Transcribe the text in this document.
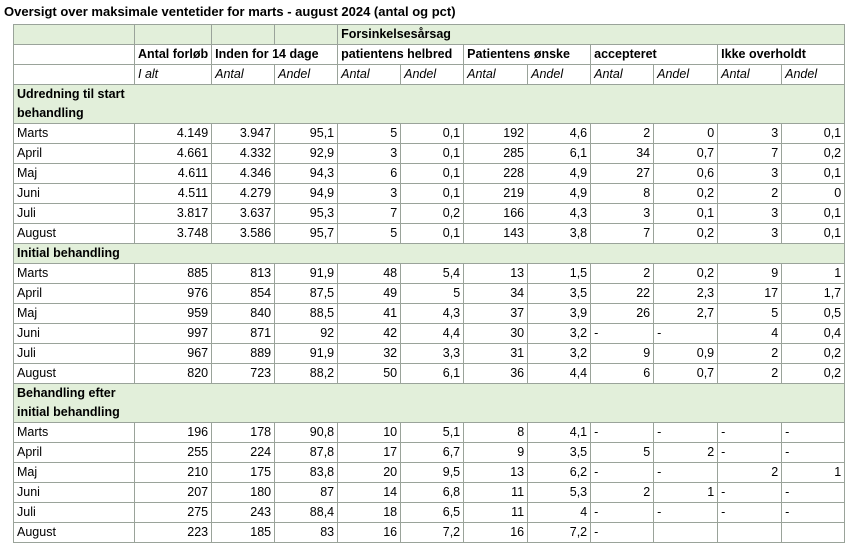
Oversigt over maksimale ventetider for marts - august 2024 (antal og pct)
				Forsinkelsesårsag							
	Antal forløb	Inden for 14 dage		patientens helbred		Patientens ønske		accepteret		Ikke overholdt	
	I alt	Antal	Andel	Antal	Andel	Antal	Andel	Antal	Andel	Antal	Andel
Udredning til start											
behandling											
Marts	4.149	3.947	95,1	5	0,1	192	4,6	2	0	3	0,1
April	4.661	4.332	92,9	3	0,1	285	6,1	34	0,7	7	0,2
Maj	4.611	4.346	94,3	6	0,1	228	4,9	27	0,6	3	0,1
Juni	4.511	4.279	94,9	3	0,1	219	4,9	8	0,2	2	0
Juli	3.817	3.637	95,3	7	0,2	166	4,3	3	0,1	3	0,1
August	3.748	3.586	95,7	5	0,1	143	3,8	7	0,2	3	0,1
Initial behandling											
Marts	885	813	91,9	48	5,4	13	1,5	2	0,2	9	1
April	976	854	87,5	49	5	34	3,5	22	2,3	17	1,7
Maj	959	840	88,5	41	4,3	37	3,9	26	2,7	5	0,5
Juni	997	871	92	42	4,4	30	3,2	-	-	4	0,4
Juli	967	889	91,9	32	3,3	31	3,2	9	0,9	2	0,2
August	820	723	88,2	50	6,1	36	4,4	6	0,7	2	0,2
Behandling efter											
initial behandling											
Marts	196	178	90,8	10	5,1	8	4,1	-	-	-	-
April	255	224	87,8	17	6,7	9	3,5	5	2	-	-
Maj	210	175	83,8	20	9,5	13	6,2	-	-	2	1
Juni	207	180	87	14	6,8	11	5,3	2	1	-	-
Juli	275	243	88,4	18	6,5	11	4	-	-	-	-
August	223	185	83	16	7,2	16	7,2	-			
